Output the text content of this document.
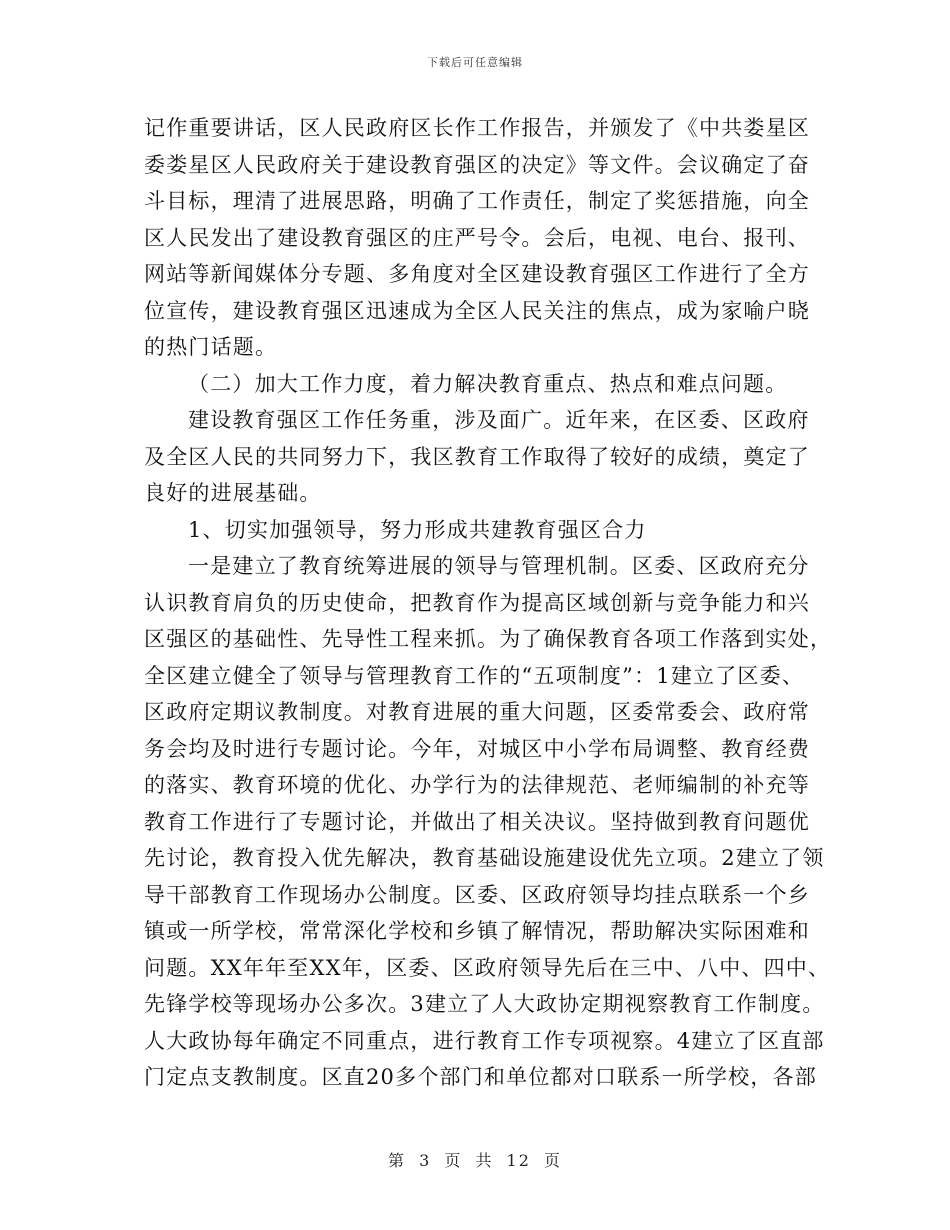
下载后可任意编辑
记作重要讲话，区人民政府区长作工作报告，并颁发了《中共娄星区
委娄星区人民政府关于建设教育强区的决定》等文件。会议确定了奋
斗目标，理清了进展思路，明确了工作责任，制定了奖惩措施，向全
区人民发出了建设教育强区的庄严号令。会后，电视、电台、报刊、
网站等新闻媒体分专题、多角度对全区建设教育强区工作进行了全方
位宣传，建设教育强区迅速成为全区人民关注的焦点，成为家喻户晓
的热门话题。
（二）加大工作力度，着力解决教育重点、热点和难点问题。
建设教育强区工作任务重，涉及面广。近年来，在区委、区政府
及全区人民的共同努力下，我区教育工作取得了较好的成绩，奠定了
良好的进展基础。
1、切实加强领导，努力形成共建教育强区合力
一是建立了教育统筹进展的领导与管理机制。区委、区政府充分
认识教育肩负的历史使命，把教育作为提高区域创新与竞争能力和兴
区强区的基础性、先导性工程来抓。为了确保教育各项工作落到实处，
全区建立健全了领导与管理教育工作的“五项制度”：1建立了区委、
区政府定期议教制度。对教育进展的重大问题，区委常委会、政府常
务会均及时进行专题讨论。今年，对城区中小学布局调整、教育经费
的落实、教育环境的优化、办学行为的法律规范、老师编制的补充等
教育工作进行了专题讨论，并做出了相关决议。坚持做到教育问题优
先讨论，教育投入优先解决，教育基础设施建设优先立项。2建立了领
导干部教育工作现场办公制度。区委、区政府领导均挂点联系一个乡
镇或一所学校，常常深化学校和乡镇了解情况，帮助解决实际困难和
问题。XX年年至XX年，区委、区政府领导先后在三中、八中、四中、
先锋学校等现场办公多次。3建立了人大政协定期视察教育工作制度。
人大政协每年确定不同重点，进行教育工作专项视察。4建立了区直部
门定点支教制度。区直20多个部门和单位都对口联系一所学校，各部
第 3 页 共 12 页
